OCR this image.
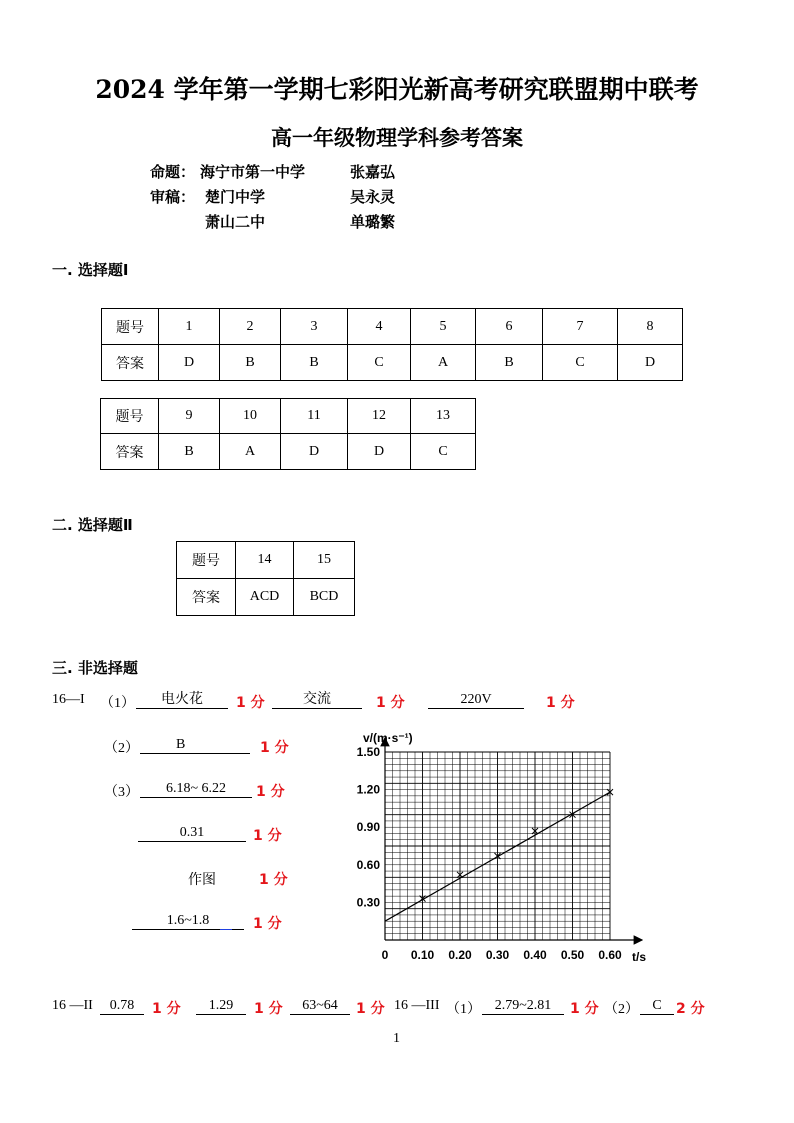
2024 学年第一学期七彩阳光新高考研究联盟期中联考
高一年级物理学科参考答案
命题： 海宁市第一中学	张嘉弘
审稿： 楚门中学	吴永灵
萧山二中	单璐繁
一. 选择题Ⅰ
题号	1	2	3	4	5	6	7	8
答案	D	B	B	C	A	B	C	D
题号	9	10	11	12	13
答案	B	A	D	D	C
二. 选择题Ⅱ
题号	14	15
答案	ACD	BCD
三. 非选择题
16—I （1）	电火花	1 分	交流	1 分	220V	1 分
（2）	B	1 分
（3）	6.18~ 6.22	1 分
0.31	1 分
作图	1 分
1.6~1.8	1 分
0 0.10 0.20 0.30 0.40 0.50 0.60
0.30
0.60
0.90
1.20
1.50
v/(m·s⁻¹)
t/s
16 —II	0.78	1 分	1.29	1 分	63~64	1 分 16 —III （1） 2.79~2.81	1 分 （2） C	2 分
1
